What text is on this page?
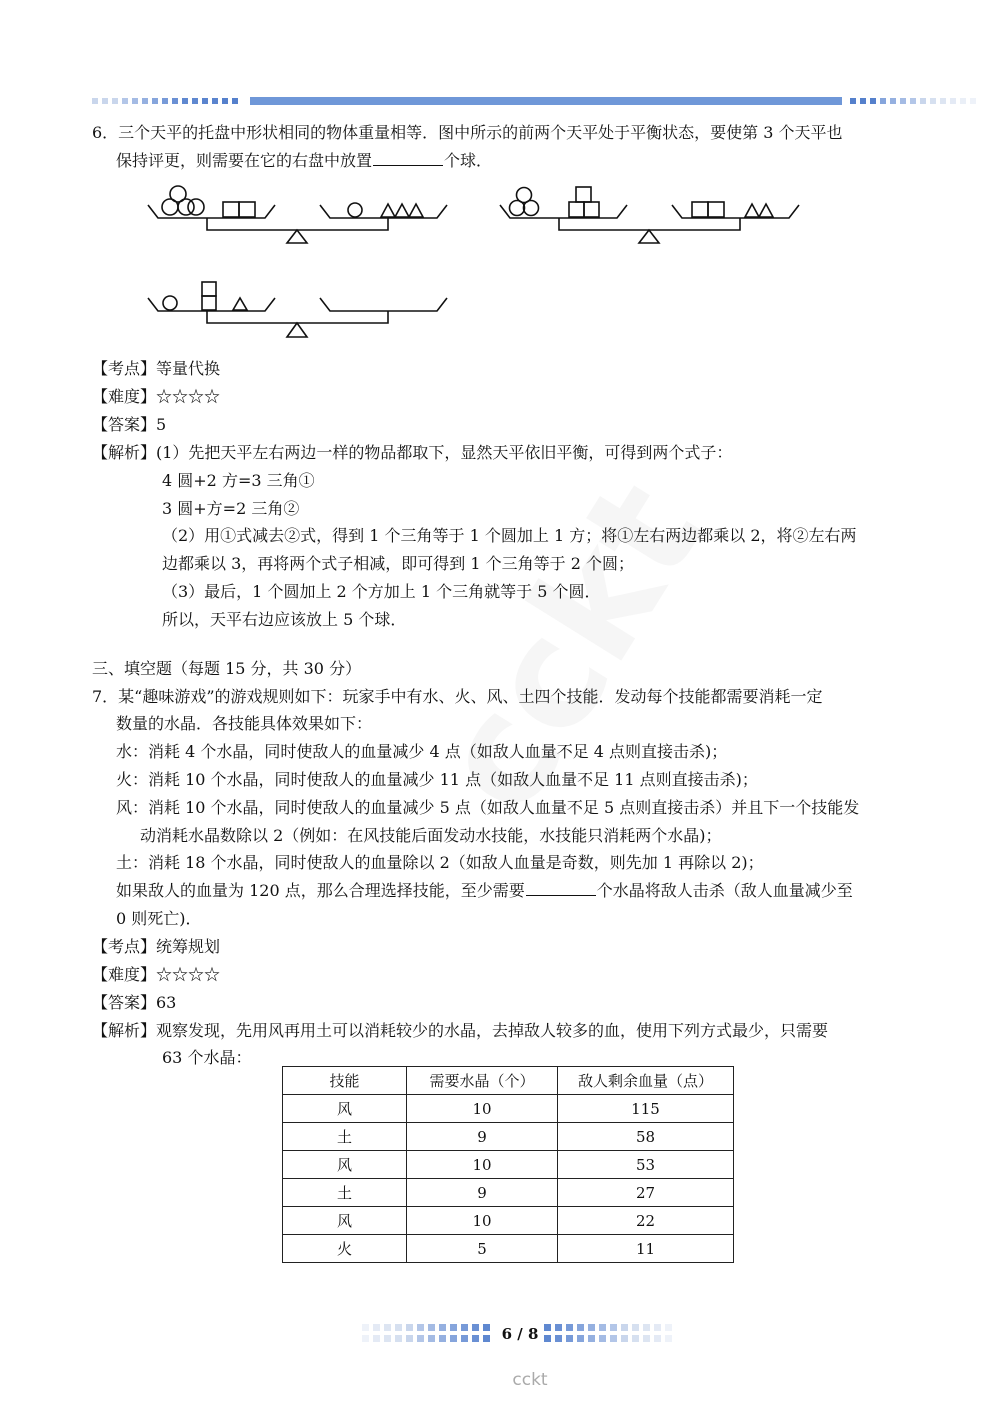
6．三个天平的托盘中形状相同的物体重量相等．图中所示的前两个天平处于平衡状态，要使第 3 个天平也
保持评更，则需要在它的右盘中放置	个球．
【考点】等量代换
【难度】☆☆☆☆
【答案】5
【解析】(1）先把天平左右两边一样的物品都取下，显然天平依旧平衡，可得到两个式子：
4 圆+2 方=3 三角①
3 圆+方=2 三角②
（2）用①式减去②式，得到 1 个三角等于 1 个圆加上 1 方；将①左右两边都乘以 2，将②左右两
边都乘以 3，再将两个式子相减，即可得到 1 个三角等于 2 个圆；
（3）最后，1 个圆加上 2 个方加上 1 个三角就等于 5 个圆．
所以，天平右边应该放上 5 个球．
三、填空题（每题 15 分，共 30 分）
7．某“趣味游戏”的游戏规则如下：玩家手中有水、火、风、土四个技能．发动每个技能都需要消耗一定
数量的水晶．各技能具体效果如下：
水：消耗 4 个水晶，同时使敌人的血量减少 4 点（如敌人血量不足 4 点则直接击杀)；
火：消耗 10 个水晶，同时使敌人的血量减少 11 点（如敌人血量不足 11 点则直接击杀)；
风：消耗 10 个水晶，同时使敌人的血量减少 5 点（如敌人血量不足 5 点则直接击杀）并且下一个技能发
动消耗水晶数除以 2（例如：在风技能后面发动水技能，水技能只消耗两个水晶)；
土：消耗 18 个水晶，同时使敌人的血量除以 2（如敌人血量是奇数，则先加 1 再除以 2)；
如果敌人的血量为 120 点，那么合理选择技能，至少需要	个水晶将敌人击杀（敌人血量减少至
0 则死亡)．
【考点】统筹规划
【难度】☆☆☆☆
【答案】63
【解析】观察发现，先用风再用土可以消耗较少的水晶，去掉敌人较多的血，使用下列方式最少，只需要
63 个水晶：
技能	需要水晶（个）	敌人剩余血量（点）
风	10	115
土	9	58
风	10	53
土	9	27
风	10	22
火	5	11
6 / 8
cckt
